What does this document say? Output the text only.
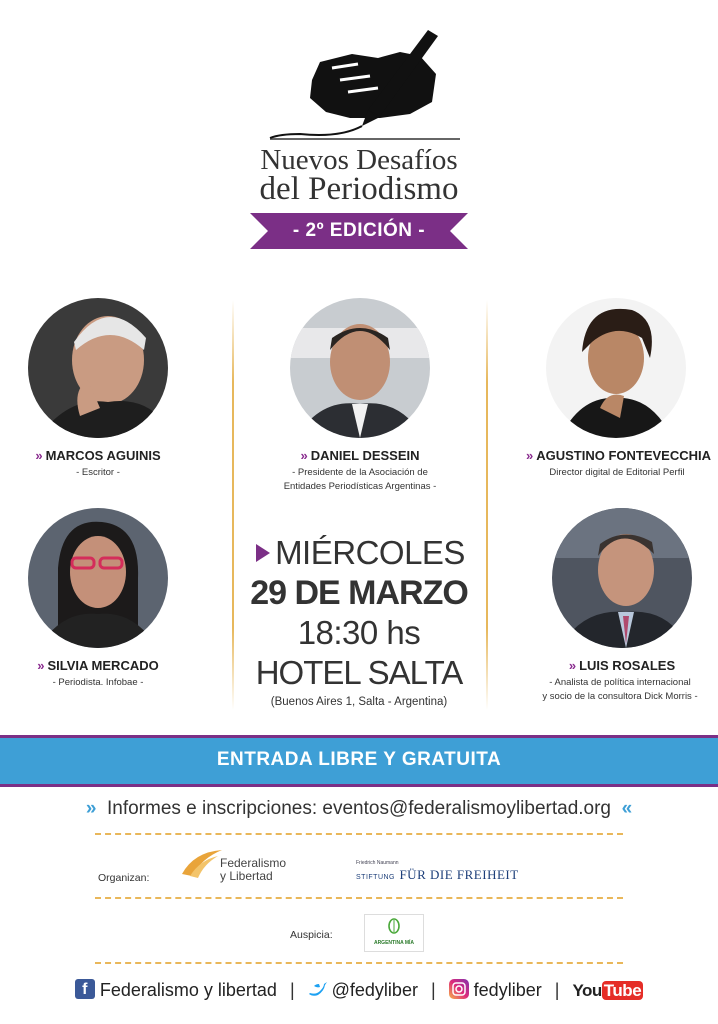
Nuevos Desafíos
del Periodismo
- 2º EDICIÓN -
» MARCOS AGUINIS
- Escritor -
» DANIEL DESSEIN
- Presidente de la Asociación de
Entidades Periodísticas Argentinas -
» AGUSTINO FONTEVECCHIA
Director digital de Editorial Perfil
» SILVIA MERCADO
- Periodista. Infobae -
» LUIS ROSALES
- Analista de política internacional
y socio de la consultora Dick Morris -
MIÉRCOLES
29 DE MARZO
18:30 hs
HOTEL SALTA
(Buenos Aires 1, Salta - Argentina)
ENTRADA LIBRE Y GRATUITA
» Informes e inscripciones: eventos@federalismoylibertad.org «
Organizan:
Federalismo
y Libertad
Friedrich Naumann
STIFTUNG FÜR DIE FREIHEIT
Auspicia:
ARGENTINA MÍA
f Federalismo y libertad | @fedyliber | fedyliber | You Tube
